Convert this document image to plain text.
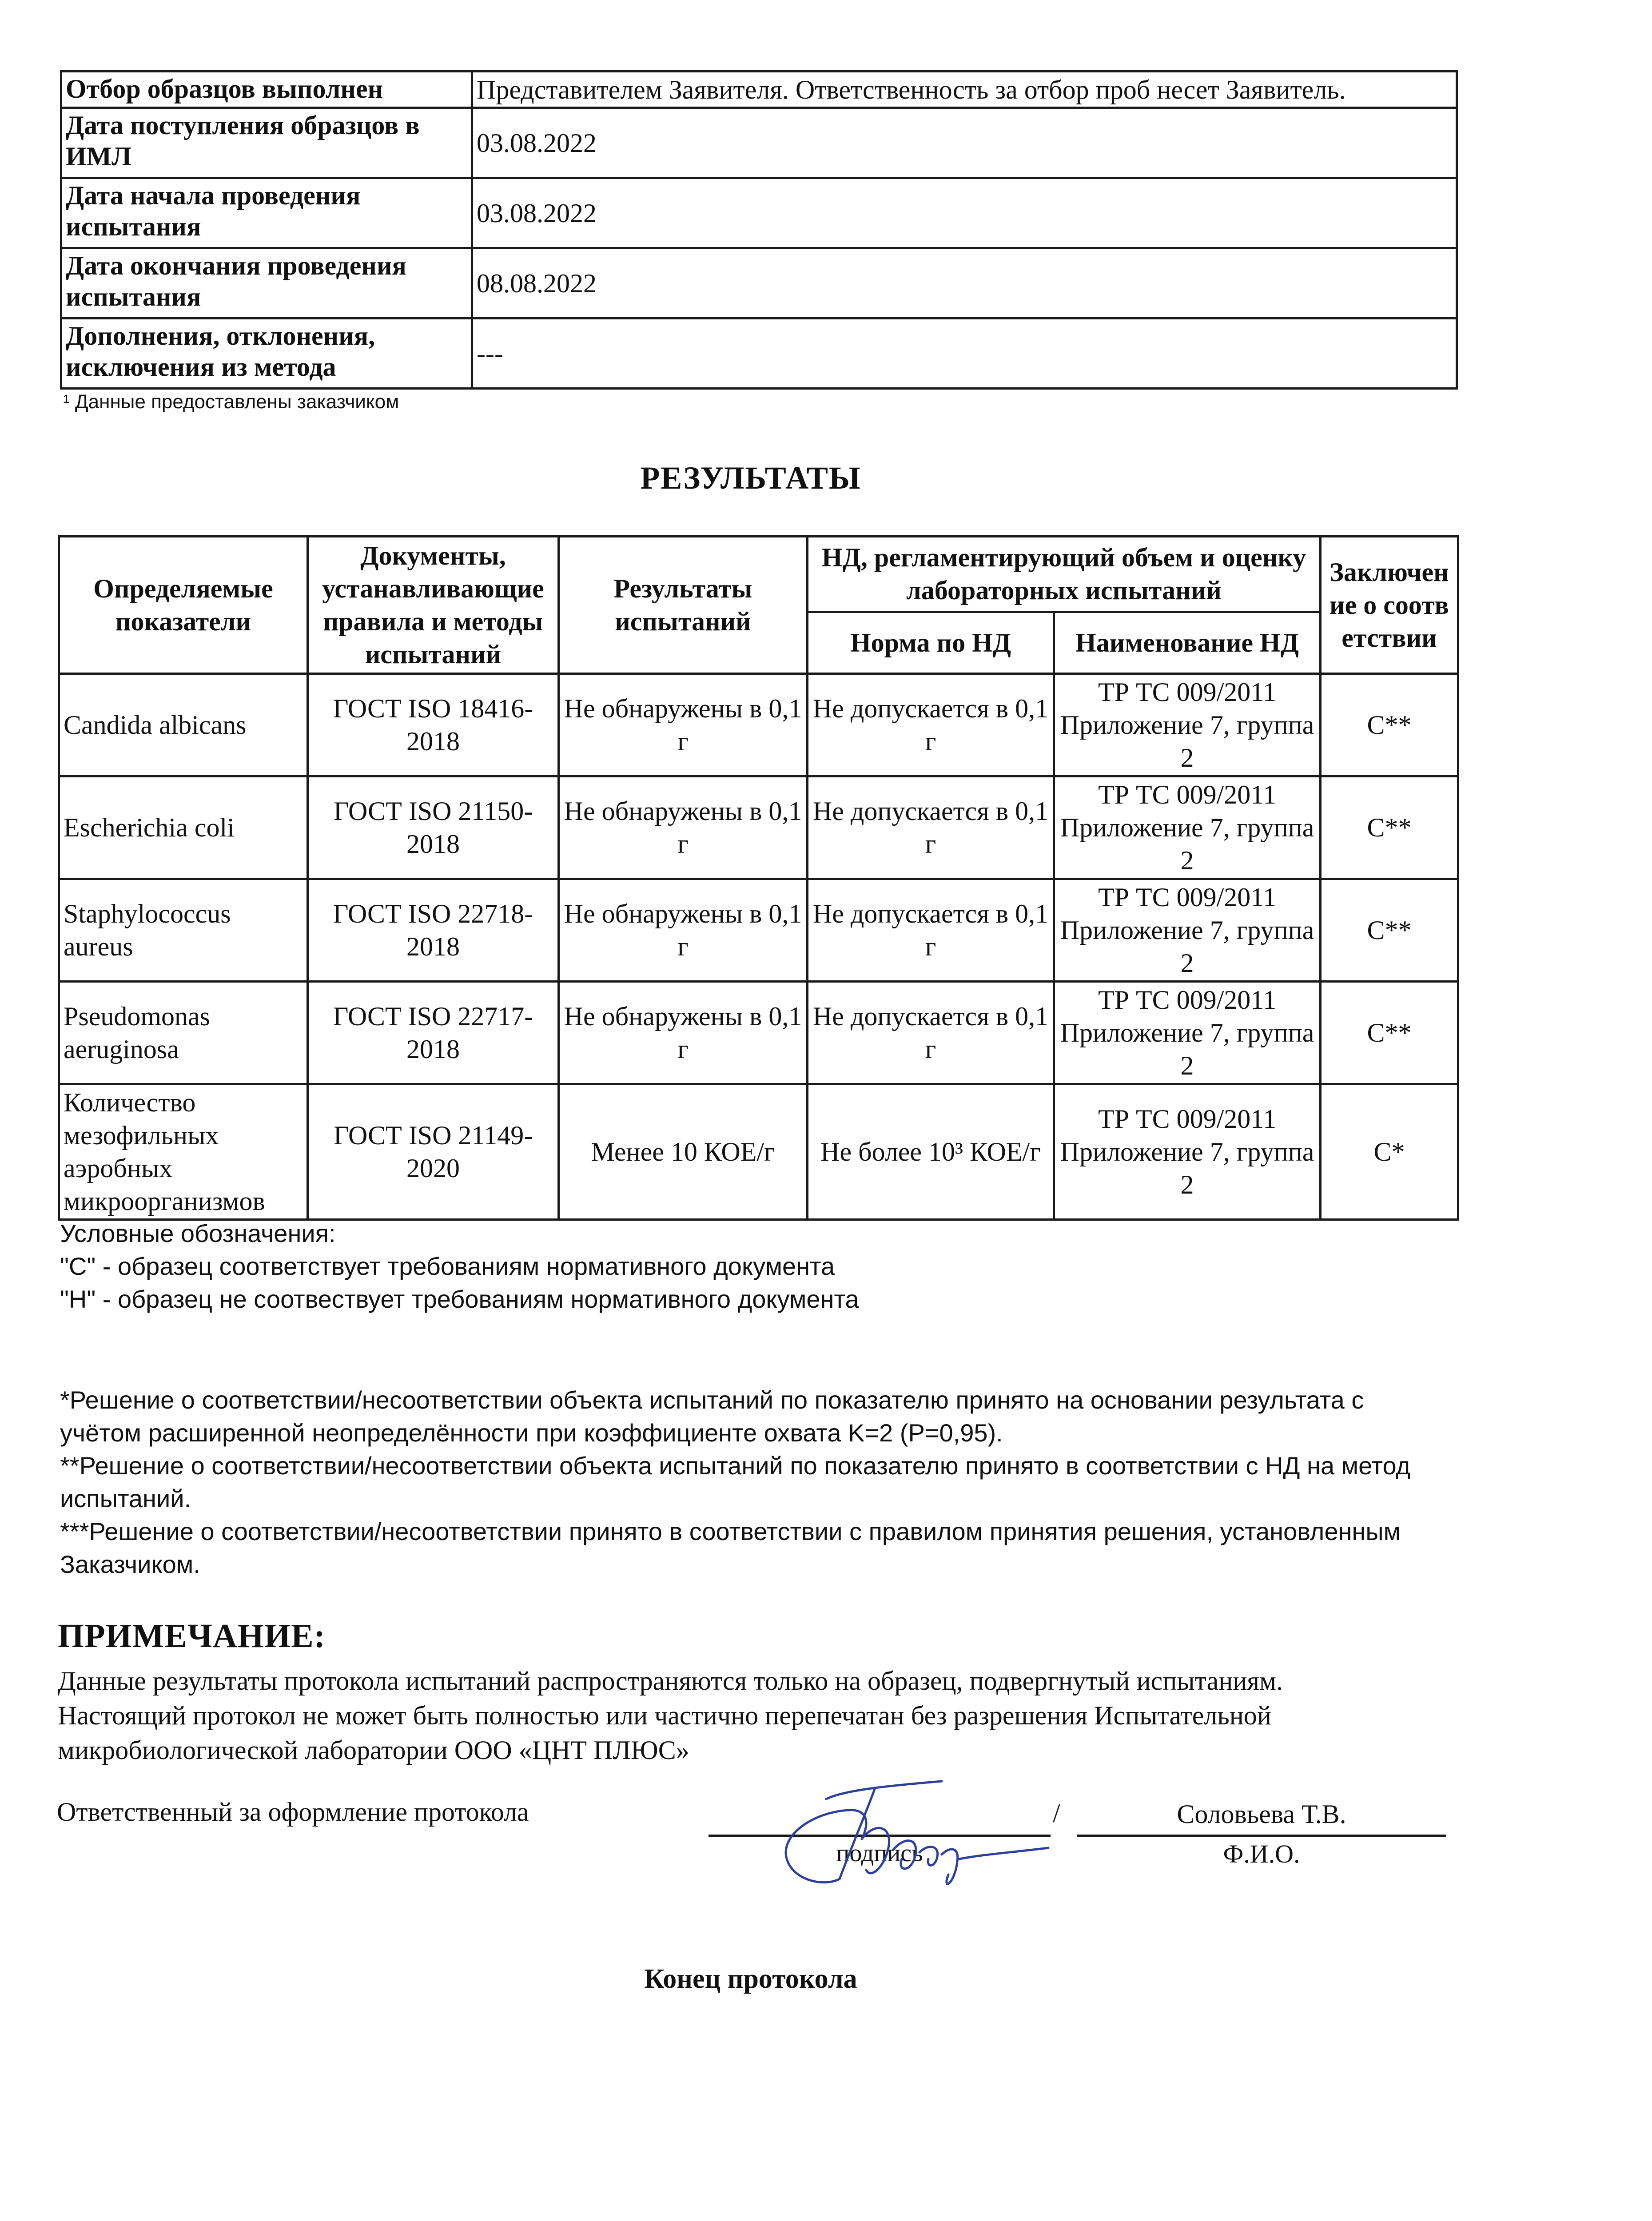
Отбор образцов выполнен	Представителем Заявителя. Ответственность за отбор проб несет Заявитель.
Дата поступления образцов в ИМЛ	03.08.2022
Дата начала проведения испытания	03.08.2022
Дата окончания проведения испытания	08.08.2022
Дополнения, отклонения, исключения из метода	---
¹ Данные предоставлены заказчиком
РЕЗУЛЬТАТЫ
Определяемые показатели	Документы, устанавливающие правила и методы испытаний	Результаты испытаний	НД, регламентирующий объем и оценку лабораторных испытаний		Заключение о соответствии
			Норма по НД	Наименование НД	
Candida albicans	ГОСТ ISO 18416-2018	Не обнаружены в 0,1 г	Не допускается в 0,1 г	ТР ТС 009/2011 Приложение 7, группа 2	С**
Escherichia coli	ГОСТ ISO 21150-2018	Не обнаружены в 0,1 г	Не допускается в 0,1 г	ТР ТС 009/2011 Приложение 7, группа 2	С**
Staphylococcus aureus	ГОСТ ISO 22718-2018	Не обнаружены в 0,1 г	Не допускается в 0,1 г	ТР ТС 009/2011 Приложение 7, группа 2	С**
Pseudomonas aeruginosa	ГОСТ ISO 22717-2018	Не обнаружены в 0,1 г	Не допускается в 0,1 г	ТР ТС 009/2011 Приложение 7, группа 2	С**
Количество мезофильных аэробных микроорганизмов	ГОСТ ISO 21149-2020	Менее 10 КОЕ/г	Не более 10³ КОЕ/г	ТР ТС 009/2011 Приложение 7, группа 2	С*
Условные обозначения:
"С" - образец соответствует требованиям нормативного документа
"Н" - образец не соотвествует требованиям нормативного документа

*Решение о соответствии/несоответствии объекта испытаний по показателю принято на основании результата с учётом расширенной неопределённости при коэффициенте охвата K=2 (P=0,95).

**Решение о соответствии/несоответствии объекта испытаний по показателю принято в соответствии с НД на метод испытаний.

***Решение о соответствии/несоответствии принято в соответствии с правилом принятия решения, установленным Заказчиком.

ПРИМЕЧАНИЕ:

Данные результаты протокола испытаний распространяются только на образец, подвергнутый испытаниям.

Настоящий протокол не может быть полностью или частично перепечатан без разрешения Испытательной микробиологической лаборатории ООО «ЦНТ ПЛЮС»

Ответственный за оформление протокола	/	Соловьева Т.В.
подпись	Ф.И.О.
Конец протокола
